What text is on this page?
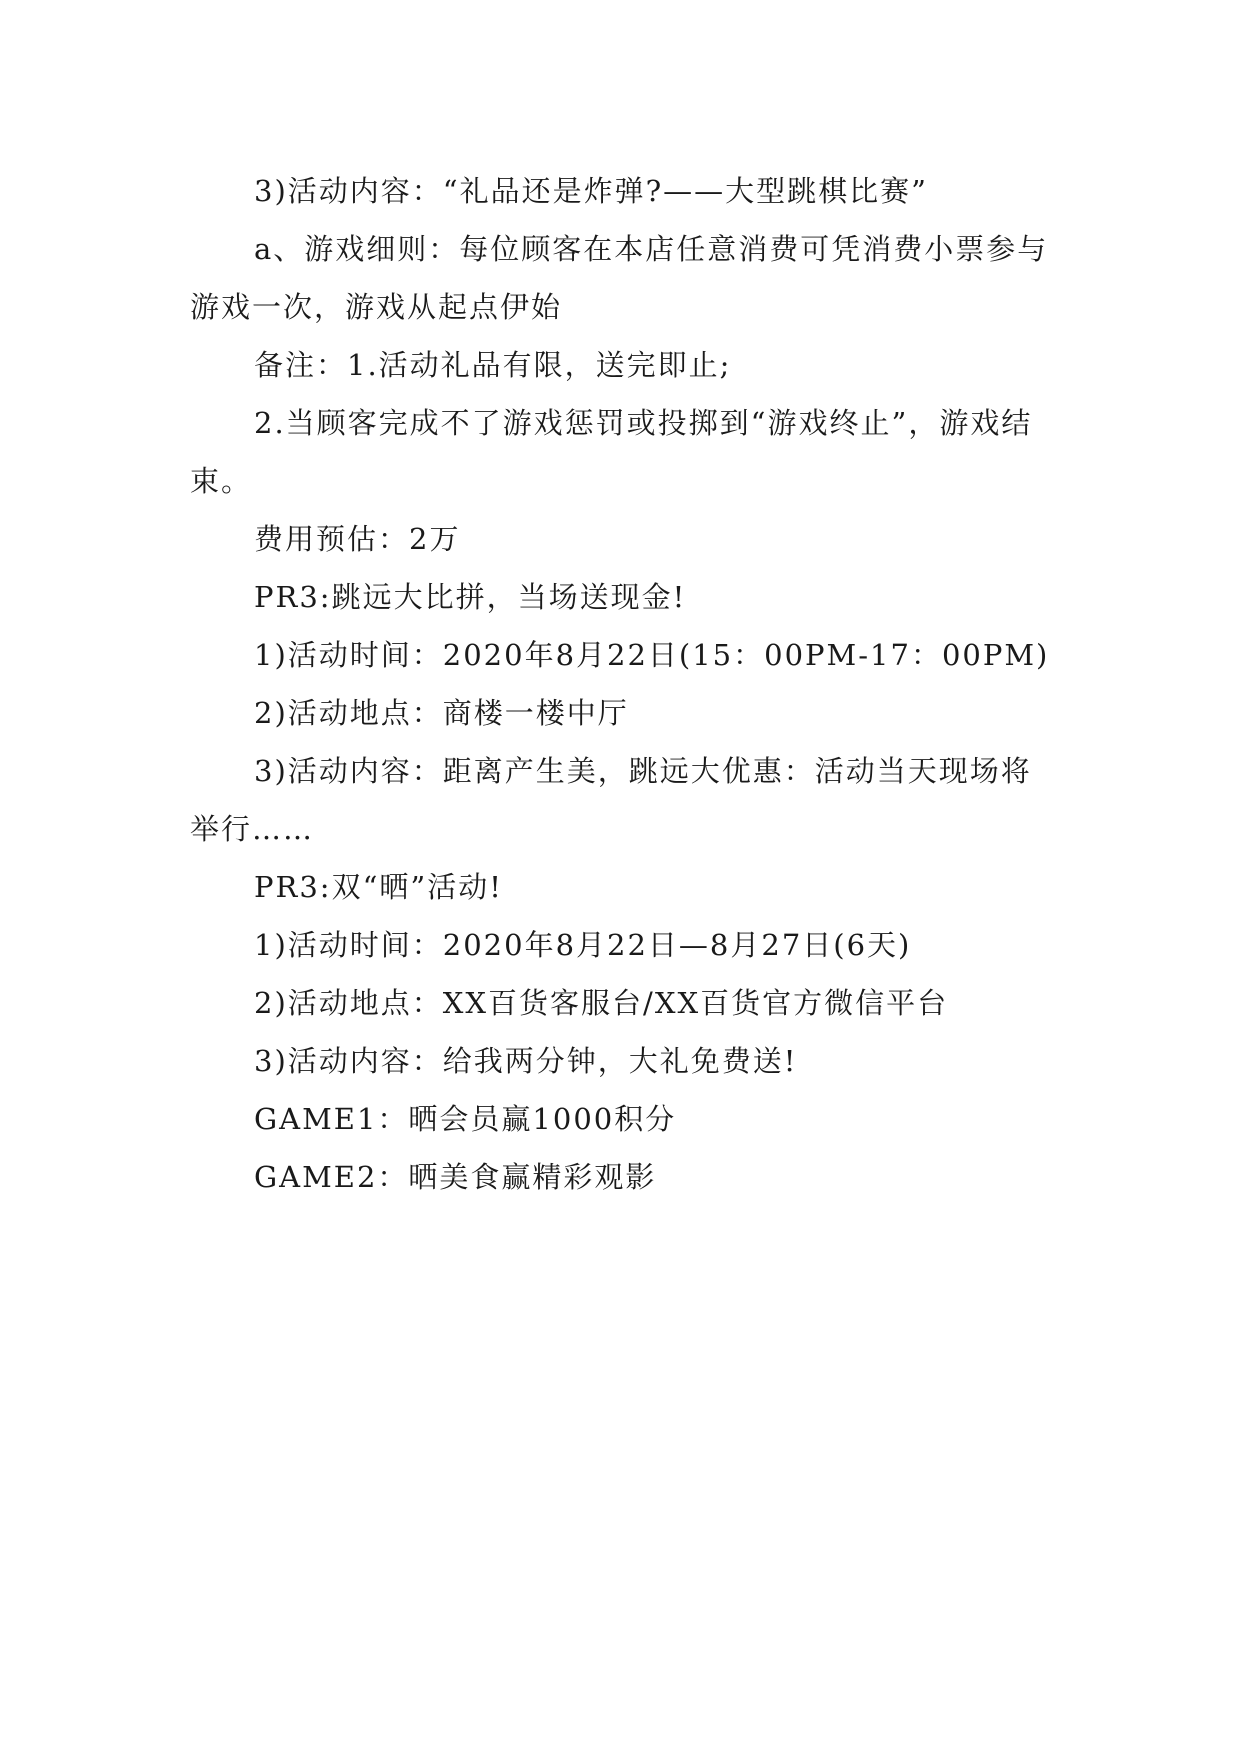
3)活动内容：“礼品还是炸弹?——大型跳棋比赛”

a、游戏细则：每位顾客在本店任意消费可凭消费小票参与游戏一次，游戏从起点伊始

备注：1.活动礼品有限，送完即止;

2.当顾客完成不了游戏惩罚或投掷到“游戏终止”，游戏结束。

费用预估：2万

PR3:跳远大比拼，当场送现金!

1)活动时间：2020年8月22日(15：00PM-17：00PM)

2)活动地点：商楼一楼中厅

3)活动内容：距离产生美，跳远大优惠：活动当天现场将举行……

PR3:双“晒”活动!

1)活动时间：2020年8月22日—8月27日(6天)

2)活动地点：XX百货客服台/XX百货官方微信平台

3)活动内容：给我两分钟，大礼免费送!

GAME1：晒会员赢1000积分

GAME2：晒美食赢精彩观影
